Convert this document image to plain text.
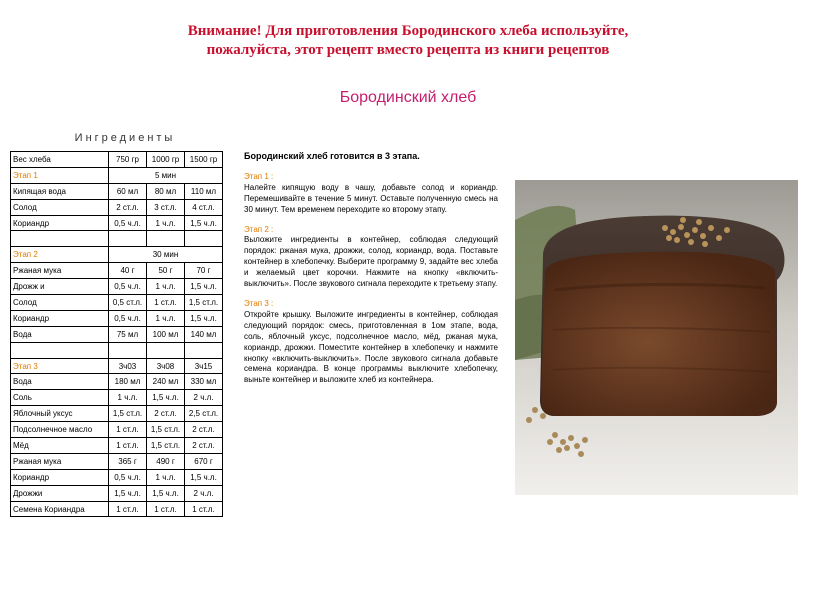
Внимание! Для приготовления Бородинского хлеба используйте,
пожалуйста, этот рецепт вместо рецепта из книги рецептов
Бородинский хлеб
Ингредиенты
Вес хлеба	750 гр	1000 гр	1500 гр
Этап 1	5 мин		
Кипящая вода	60 мл	80 мл	110 мл
Солод	2 ст.л.	3 ст.л.	4 ст.л.
Кориандр	0,5 ч.л.	1 ч.л.	1,5 ч.л.

Этап 2	30 мин		
Ржаная мука	40 г	50 г	70 г
Дрожж и	0,5 ч.л.	1 ч.л.	1,5 ч.л.
Солод	0,5 ст.л.	1 ст.л.	1,5 ст.л.
Кориандр	0,5 ч.л.	1 ч.л.	1,5 ч.л.
Вода	75 мл	100 мл	140 мл

Этап 3	3ч03	3ч08	3ч15
Вода	180 мл	240 мл	330 мл
Соль	1 ч.л.	1,5 ч.л.	2 ч.л.
Яблочный уксус	1,5 ст.л.	2 ст.л.	2,5 ст.л.
Подсолнечное масло	1 ст.л.	1,5 ст.л.	2 ст.л.
Мёд	1 ст.л.	1,5 ст.л.	2 ст.л.
Ржаная мука	365 г	490 г	670 г
Кориандр	0,5 ч.л.	1 ч.л.	1,5 ч.л.
Дрожжи	1,5 ч.л.	1,5 ч.л.	2 ч.л.
Семена Кориандра	1 ст.л.	1 ст.л.	1 ст.л.
Бородинский хлеб готовится в 3 этапа.

Этап 1 :
Налейте кипящую воду в чашу, добавьте солод и кориандр. Перемешивайте в течение 5 минут. Оставьте полученную смесь на 30 минут. Тем временем переходите ко второму этапу.

Этап 2 :
Выложите ингредиенты в контейнер, соблюдая следующий порядок: ржаная мука, дрожжи, солод, кориандр, вода. Поставьте контейнер в хлебопечку. Выберите программу 9, задайте вес хлеба и желаемый цвет корочки. Нажмите на кнопку «включить-выключить». После звукового сигнала переходите к третьему этапу.

Этап 3 :
Откройте крышку. Выложите ингредиенты в контейнер, соблюдая следующий порядок: смесь, приготовленная в 1ом этапе, вода, соль, яблочный уксус, подсолнечное масло, мёд, ржаная мука, кориандр, дрожжи. Поместите контейнер в хлебопечку и нажмите кнопку «включить-выключить». После звукового сигнала добавьте семена кориандра. В конце программы выключите хлебопечку, выньте контейнер и выложите хлеб из контейнера.
